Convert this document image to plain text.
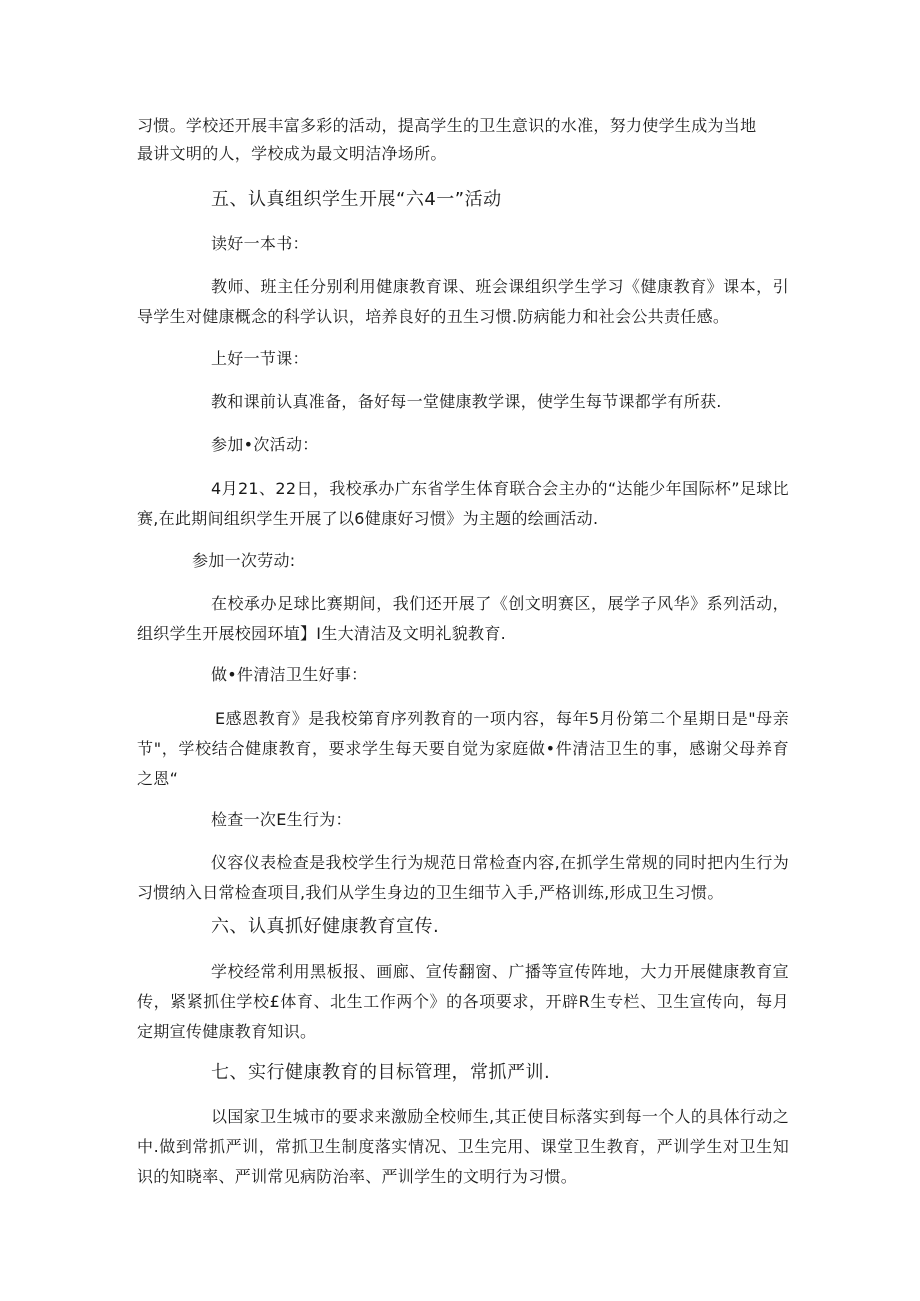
习惯。学校还开展丰富多彩的活动，提高学生的卫生意识的水准，努力使学生成为当地
最讲文明的人，学校成为最文明洁净场所。
五、认真组织学生开展“六4一”活动
读好一本书：
教师、班主任分别利用健康教育课、班会课组织学生学习《健康教育》课本，引导学生对健康概念的科学认识，培养良好的丑生习惯.防病能力和社会公共责任感。
上好一节课：
教和课前认真准备，备好每一堂健康教学课，使学生每节课都学有所获.
参加•次活动：
4月21、22日，我校承办广东省学生体育联合会主办的“达能少年国际杯”足球比赛,在此期间组织学生开展了以6健康好习惯》为主题的绘画活动.
参加一次劳动:
在校承办足球比赛期间，我们还开展了《创文明赛区，展学子风华》系列活动，组织学生开展校园环埴】I生大清洁及文明礼貌教育.
做•件清洁卫生好事：
E感恩教育》是我校第育序列教育的一项内容，每年5月份第二个星期日是"母亲节"，学校结合健康教育，要求学生每天要自觉为家庭做•件清洁卫生的事，感谢父母养育之恩“
检查一次E生行为：
仪容仪表检查是我校学生行为规范日常检查内容,在抓学生常规的同时把内生行为习惯纳入日常检查项目,我们从学生身边的卫生细节入手,严格训练,形成卫生习惯。
六、认真抓好健康教育宣传.
学校经常利用黑板报、画廊、宣传翻窗、广播等宣传阵地，大力开展健康教育宣传，紧紧抓住学校£体育、北生工作两个》的各项要求，开辟R生专栏、卫生宣传向，每月定期宣传健康教育知识。
七、实行健康教育的目标管理，常抓严训.
以国家卫生城市的要求来激励全校师生,其正使目标落实到每一个人的具体行动之中.做到常抓严训，常抓卫生制度落实情况、卫生完用、课堂卫生教育，严训学生对卫生知识的知晓率、严训常见病防治率、严训学生的文明行为习惯。
